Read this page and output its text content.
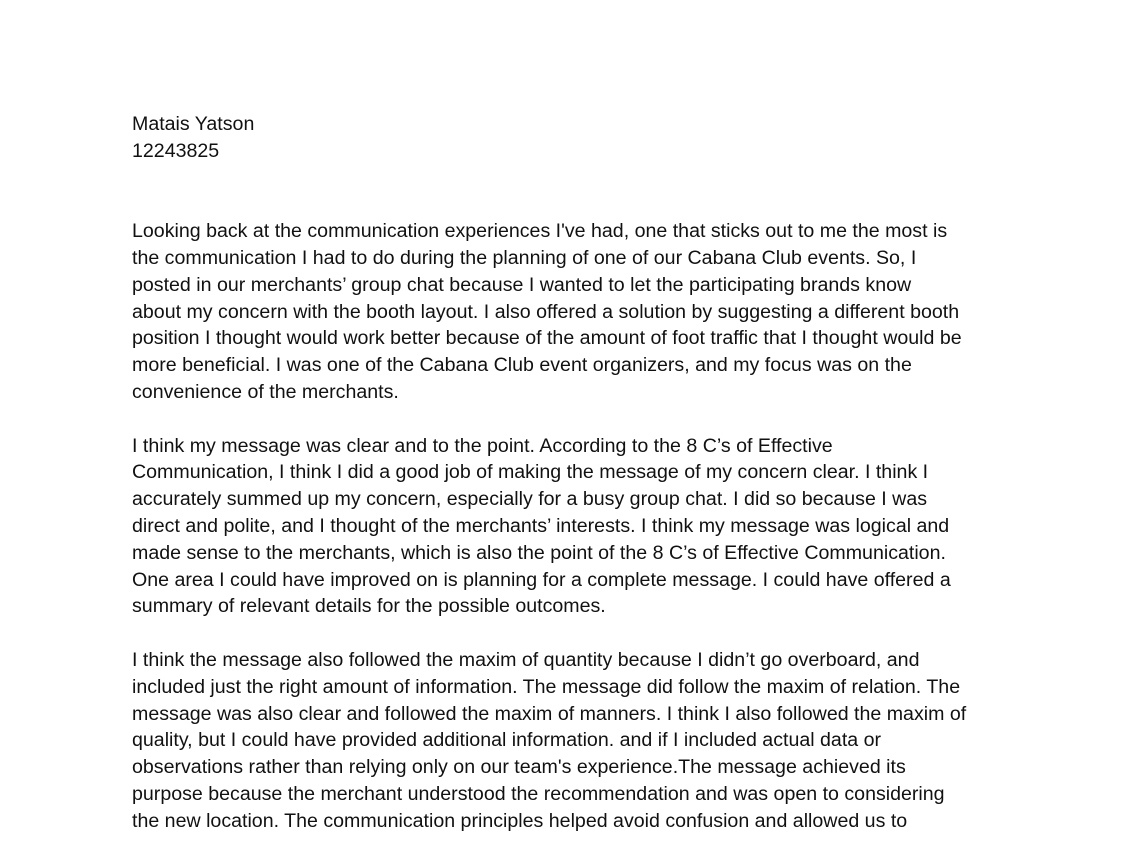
Matais Yatson
12243825

Looking back at the communication experiences I've had, one that sticks out to me the most is
the communication I had to do during the planning of one of our Cabana Club events. So, I
posted in our merchants’ group chat because I wanted to let the participating brands know
about my concern with the booth layout. I also offered a solution by suggesting a different booth
position I thought would work better because of the amount of foot traffic that I thought would be
more beneficial. I was one of the Cabana Club event organizers, and my focus was on the
convenience of the merchants.

I think my message was clear and to the point. According to the 8 C’s of Effective
Communication, I think I did a good job of making the message of my concern clear. I think I
accurately summed up my concern, especially for a busy group chat. I did so because I was
direct and polite, and I thought of the merchants’ interests. I think my message was logical and
made sense to the merchants, which is also the point of the 8 C’s of Effective Communication.
One area I could have improved on is planning for a complete message. I could have offered a
summary of relevant details for the possible outcomes.

I think the message also followed the maxim of quantity because I didn’t go overboard, and
included just the right amount of information. The message did follow the maxim of relation. The
message was also clear and followed the maxim of manners. I think I also followed the maxim of
quality, but I could have provided additional information. and if I included actual data or
observations rather than relying only on our team's experience.The message achieved its
purpose because the merchant understood the recommendation and was open to considering
the new location. The communication principles helped avoid confusion and allowed us to
